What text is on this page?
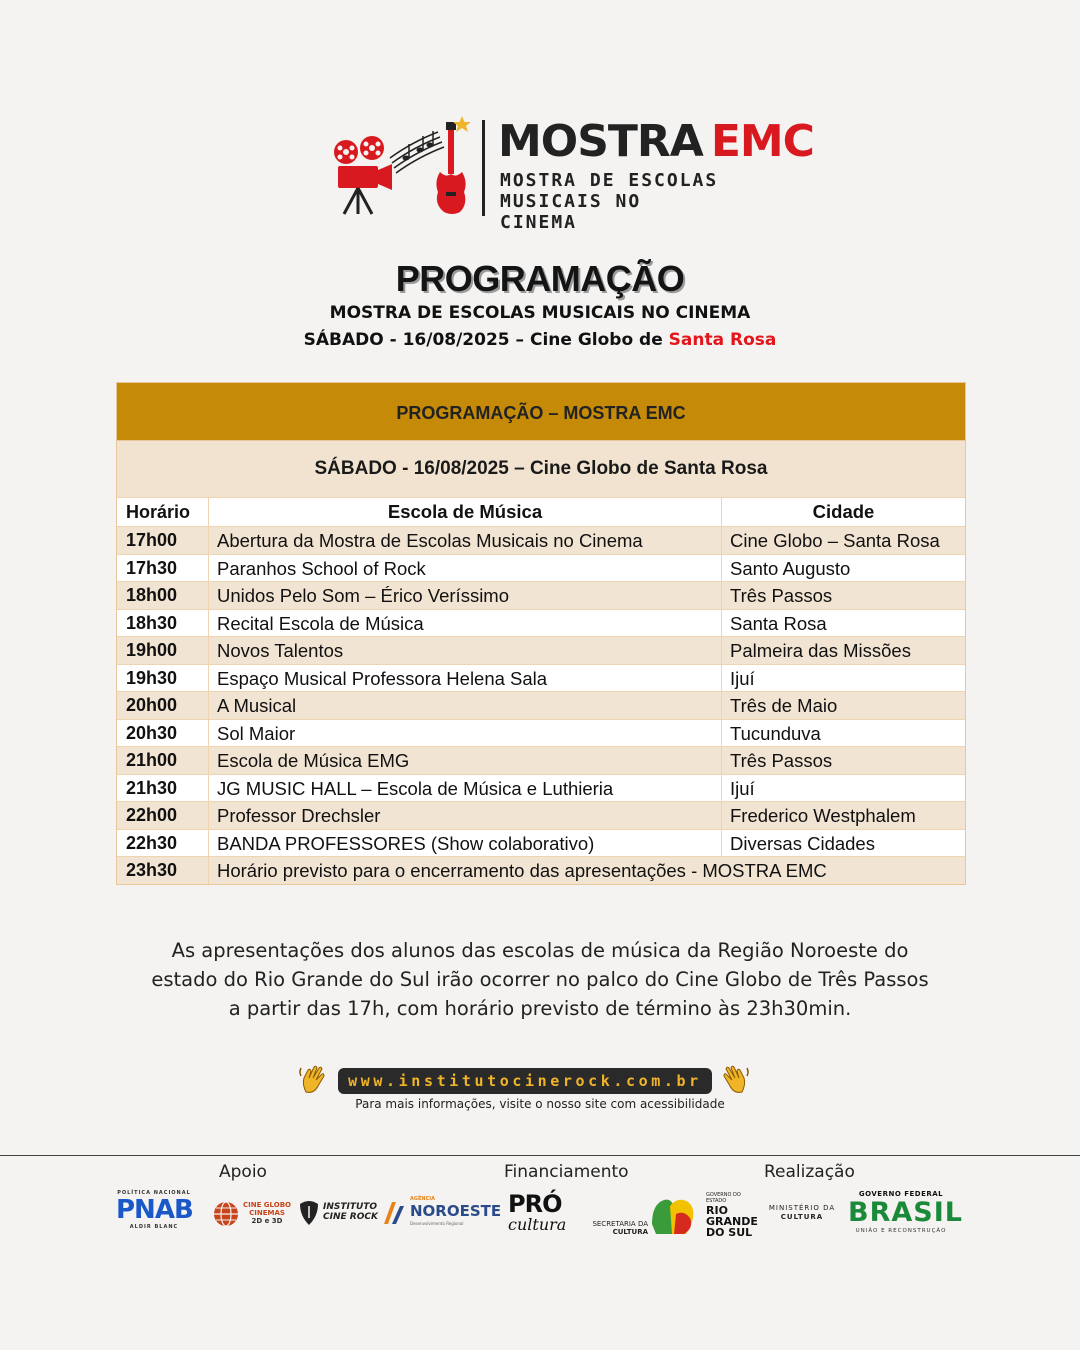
MOSTRA EMC
MOSTRA DE ESCOLAS
MUSICAIS NO CINEMA
PROGRAMAÇÃO
MOSTRA DE ESCOLAS MUSICAIS NO CINEMA
SÁBADO - 16/08/2025 – Cine Globo de Santa Rosa
PROGRAMAÇÃO – MOSTRA EMC
SÁBADO - 16/08/2025 – Cine Globo de Santa Rosa
Horário	Escola de Música	Cidade
17h00	Abertura da Mostra de Escolas Musicais no Cinema	Cine Globo – Santa Rosa
17h30	Paranhos School of Rock	Santo Augusto
18h00	Unidos Pelo Som – Érico Veríssimo	Três Passos
18h30	Recital Escola de Música	Santa Rosa
19h00	Novos Talentos	Palmeira das Missões
19h30	Espaço Musical Professora Helena Sala	Ijuí
20h00	A Musical	Três de Maio
20h30	Sol Maior	Tucunduva
21h00	Escola de Música EMG	Três Passos
21h30	JG MUSIC HALL – Escola de Música e Luthieria	Ijuí
22h00	Professor Drechsler	Frederico Westphalem
22h30	BANDA PROFESSORES (Show colaborativo)	Diversas Cidades
23h30	Horário previsto para o encerramento das apresentações - MOSTRA EMC

As apresentações dos alunos das escolas de música da Região Noroeste do estado do Rio Grande do Sul irão ocorrer no palco do Cine Globo de Três Passos a partir das 17h, com horário previsto de término às 23h30min.

www.institutocinerock.com.br
Para mais informações, visite o nosso site com acessibilidade
Apoio	Financiamento	Realização
POLÍTICA NACIONAL
PNAB
ALDIR BLANC
CINE GLOBO
CINEMAS
2D e 3D
INSTITUTO
CINE ROCK
AGÊNCIA
NOROESTE
Desenvolvimento Regional
PRÓ
cultura	SECRETARIA DA
CULTURA
GOVERNO DO ESTADO
RIO
GRANDE
DO SUL
MINISTÉRIO DA
CULTURA
GOVERNO FEDERAL
BRASIL
UNIÃO E RECONSTRUÇÃO
